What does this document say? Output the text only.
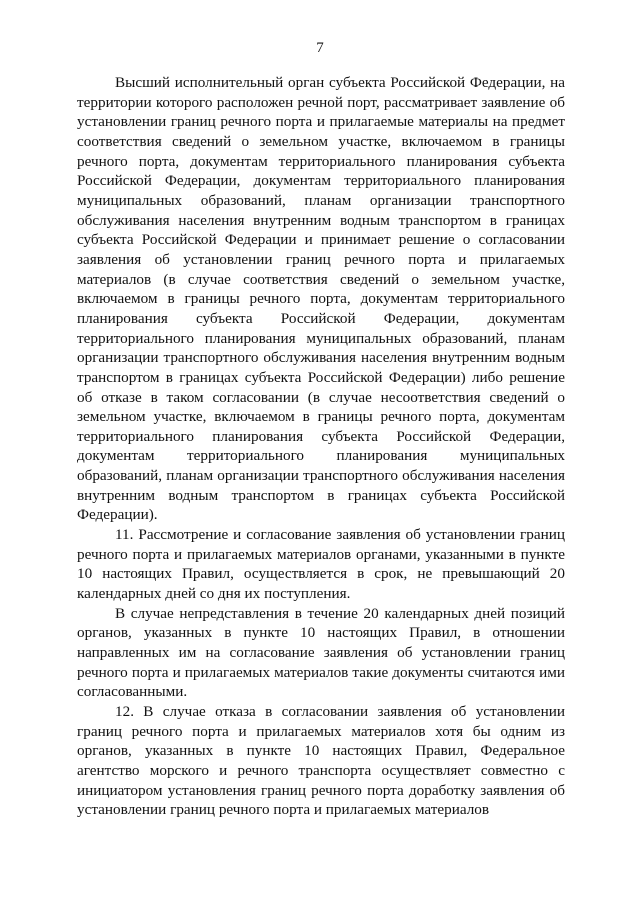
7

Высший исполнительный орган субъекта Российской Федерации, на территории которого расположен речной порт, рассматривает заявление об установлении границ речного порта и прилагаемые материалы на предмет соответствия сведений о земельном участке, включаемом в границы речного порта, документам территориального планирования субъекта Российской Федерации, документам территориального планирования муниципальных образований, планам организации транспортного обслуживания населения внутренним водным транспортом в границах субъекта Российской Федерации и принимает решение о согласовании заявления об установлении границ речного порта и прилагаемых материалов (в случае соответствия сведений о земельном участке, включаемом в границы речного порта, документам территориального планирования субъекта Российской Федерации, документам территориального планирования муниципальных образований, планам организации транспортного обслуживания населения внутренним водным транспортом в границах субъекта Российской Федерации) либо решение об отказе в таком согласовании (в случае несоответствия сведений о земельном участке, включаемом в границы речного порта, документам территориального планирования субъекта Российской Федерации, документам территориального планирования муниципальных образований, планам организации транспортного обслуживания населения внутренним водным транспортом в границах субъекта Российской Федерации).

11. Рассмотрение и согласование заявления об установлении границ речного порта и прилагаемых материалов органами, указанными в пункте 10 настоящих Правил, осуществляется в срок, не превышающий 20 календарных дней со дня их поступления.

В случае непредставления в течение 20 календарных дней позиций органов, указанных в пункте 10 настоящих Правил, в отношении направленных им на согласование заявления об установлении границ речного порта и прилагаемых материалов такие документы считаются ими согласованными.

12. В случае отказа в согласовании заявления об установлении границ речного порта и прилагаемых материалов хотя бы одним из органов, указанных в пункте 10 настоящих Правил, Федеральное агентство морского и речного транспорта осуществляет совместно с инициатором установления границ речного порта доработку заявления об установлении границ речного порта и прилагаемых материалов
